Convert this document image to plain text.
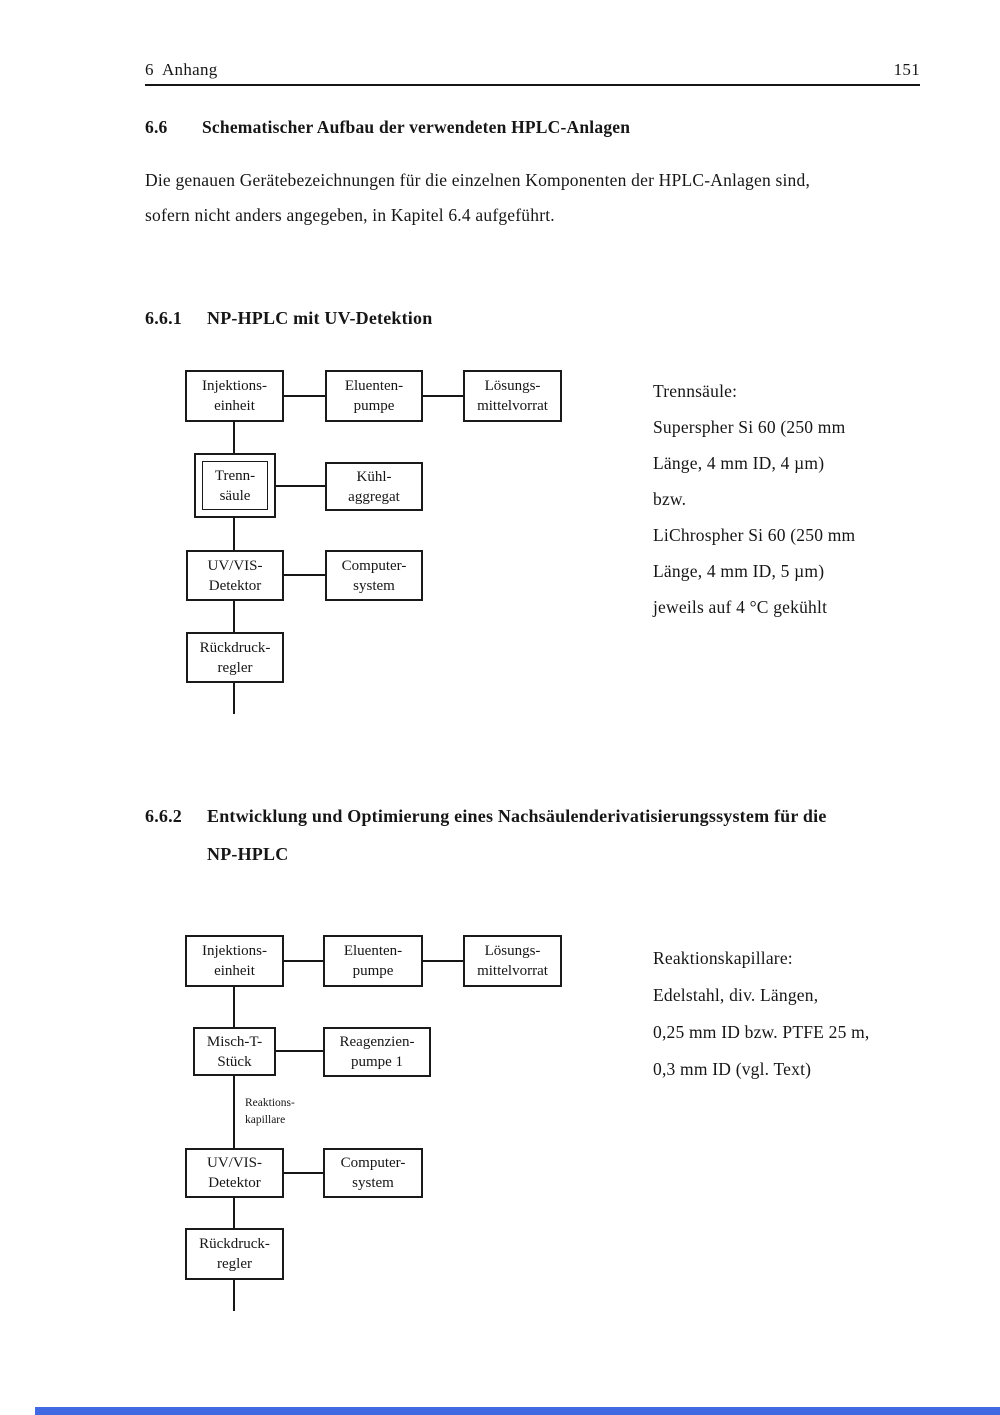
6  Anhang	151
6.6 Schematischer Aufbau der verwendeten HPLC-Anlagen
Die genauen Gerätebezeichnungen für die einzelnen Komponenten der HPLC-Anlagen sind,
sofern nicht anders angegeben, in Kapitel 6.4 aufgeführt.
6.6.1 NP-HPLC mit UV-Detektion
Injektions-
einheit
Eluenten-
pumpe
Lösungs-
mittelvorrat
Trenn-
säule
Kühl-
aggregat
UV/VIS-
Detektor
Computer-
system
Rückdruck-
regler
Trennsäule:
Superspher Si 60 (250 mm
Länge, 4 mm ID, 4 µm)
bzw.
LiChrospher Si 60 (250 mm
Länge, 4 mm ID, 5 µm)
jeweils auf 4 °C gekühlt
6.6.2 Entwicklung und Optimierung eines Nachsäulenderivatisierungssystem für die
NP-HPLC
Injektions-
einheit
Eluenten-
pumpe
Lösungs-
mittelvorrat
Misch-T-
Stück
Reagenzien-
pumpe 1
Reaktions-
kapillare
UV/VIS-
Detektor
Computer-
system
Rückdruck-
regler
Reaktionskapillare:
Edelstahl, div. Längen,
0,25 mm ID bzw. PTFE 25 m,
0,3 mm ID (vgl. Text)
